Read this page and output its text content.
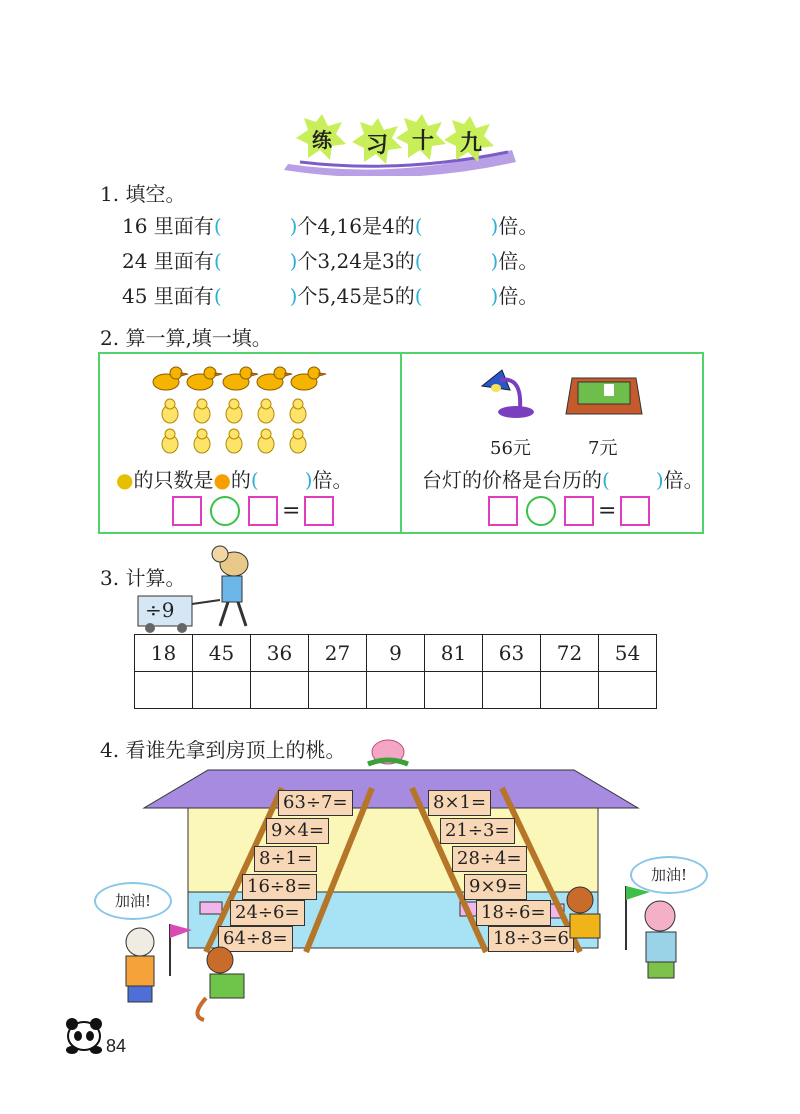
练 习 十 九
1. 填空。
16 里面有(	)个4,16是4的(	)倍。
24 里面有(	)个3,24是3的(	)倍。
45 里面有(	)个5,45是5的(	)倍。
2. 算一算,填一填。
●的只数是●的( )倍。
=
56元	7元
台灯的价格是台历的( )倍。
=
3. 计算。
÷9
18	45	36	27	9	81	63	72	54

4. 看谁先拿到房顶上的桃。
63÷7=
9×4=
8÷1=
16÷8=
24÷6=
64÷8=
8×1=
21÷3=
28÷4=
9×9=
18÷6=
18÷3=6
加油!
加油!
84
